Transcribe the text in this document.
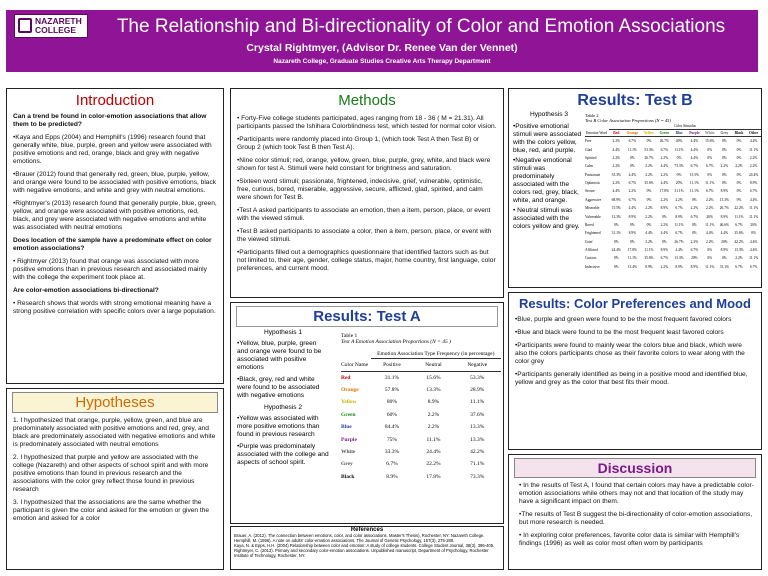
NAZARETH
COLLEGE	The Relationship and Bi-directionality of Color and Emotion Associations
Crystal Rightmyer, (Advisor Dr. Renee Van der Vennet)
Nazareth College, Graduate Studies Creative Arts Therapy Department
Introduction

Can a trend be found in color-emotion associations that allow them to be predicted?

•Kaya and Epps (2004) and Hemphill's (1996) research found that generally white, blue, purple, green and yellow were associated with positive emotions and red, orange, black and grey with negative emotions.

•Brauer (2012) found that generally red, green, blue, purple, yellow, and orange were found to be associated with positive emotions, black with negative emotions, and white and grey with neutral emotions.

•Rightmyer's (2013) research found that generally purple, blue, green, yellow, and orange were associated with positive emotions, red, black, and grey were associated with negative emotions and white was associated with neutral emotions

Does location of the sample have a predominate effect on color emotion associations?

• Rightmyer (2013) found that orange was associated with more positive emotions than in previous research and associated mainly with the college the experiment took place at.

Are color-emotion associations bi-directional?

• Research shows that words with strong emotional meaning have a strong positive correlation with specific colors over a large population.

Hypotheses

1. I hypothesized that orange, purple, yellow, green, and blue are predominately associated with positive emotions and red, grey, and black are predominately associated with negative emotions and white is predominately associated with neutral emotions

2. I hypothesized that purple and yellow are associated with the college (Nazareth) and other aspects of school spirit and with more positive emotions than found in previous research and the associations with the color grey reflect those found in previous research

3. I hypothesized that the associations are the same whether the participant is given the color and asked for the emotion or given the emotion and asked for a color

Methods

• Forty-Five college students participated, ages ranging from 18 - 36 ( M = 21.31). All participants passed the Ishihara Colorblindness test, which tested for normal color vision.

•Participants were randomly placed into Group 1, (which took Test A then Test B) or Group 2 (which took Test B then Test A).

•Nine color stimuli; red, orange, yellow, green, blue, purple, grey, white, and black were shown for test A. Stimuli were held constant for brightness and saturation.

•Sixteen word stimuli; passionate, frightened, indecisive, grief, vulnerable, optimistic, free, curious, bored, miserable, aggressive, secure, afflicted, glad, spirited, and calm were shown for Test B.

•Test A asked participants to associate an emotion, then a item, person, place, or event with the viewed stimuli.

•Test B asked participants to associate a color, then a item, person, place, or event with the viewed stimuli.

•Participants filled out a demographics questionnaire that identified factors such as but not limited to, their age, gender, college status, major, home country, first language, color preferences, and current mood.

Results: Test A
Hypothesis 1
•Yellow, blue, purple, green and orange were found to be associated with positive emotions
•Black, grey, red and white were found to be associated with negative emotions
Hypothesis 2
•Yellow was associated with more positive emotions than found in previous research
•Purple was predominately associated with the college and aspects of school spirit.
Table 1
Test A Emotion Association Proportions (N = 45 )
	Emotion Association Type Frequency (in percentage)		
Color Name	Positive	Neutral	Negative
Red	31.1%	15.6%	53.3%
Orange	57.8%	13.3%	28.9%
Yellow	80%	8.9%	11.1%
Green	60%	2.2%	37.6%
Blue	84.4%	2.2%	13.3%
Purple	75%	11.1%	13.3%
White	33.3%	24.4%	42.2%
Grey	6.7%	22.2%	71.1%
Black	8.9%	17.8%	73.3%
References
Brauer, A. (2012). The connection between emotions, color, and color associations. Master's Thesis), Rochester, NY: Nazareth College.
Hemphill, M. (1996). A note on adults' color-emotion associations. The Journal of Genetic Psychology, 157(3), 275-280.
Kaya, N. & Epps, H.H. (2004) Relationship between color and emotion: A study of college students. College Student Journal, 38(3), 396-405.
Rightmyer, C. (2013). Primary and secondary color-emotion associations. Unpublished manuscript, Department of Psychology, Rochester Institute of Technology, Rochester, NY.
Results: Test B
Hypothesis 3
•Positive emotional stimuli were associated with the colors yellow, blue, red, and purple.
•Negative emotional stimuli was predominately associated with the colors red, grey, black, white, and orange.
• Neutral stimuli was associated with the colors yellow and grey.
Table 2
Test B Color Association Proportions (N = 45)
	Color Stimulus									
Emotion Word	Red	Orange	Yellow	Green	Blue	Purple	White	Grey	Black	Other
Free	2.2%	6.7%	0%	26.7%	40%	4.4%	15.6%	0%	0%	4.4%
Glad	4.4%	11.1%	53.3%	6.7%	11.1%	4.4%	0%	0%	0%	11.1%
Spirited	2.2%	0%	26.7%	2.2%	0%	4.4%	0%	0%	0%	2.2%
Calm	2.2%	0%	2.2%	4.4%	73.3%	6.7%	6.7%	2.2%	2.2%	2.2%
Passionate	53.3%	4.4%	2.2%	2.2%	0%	15.5%	0%	0%	0%	24.4%
Optimistic	2.2%	6.7%	35.6%	4.4%	20%	11.1%	11.1%	0%	0%	8.9%
Secure	4.4%	2.2%	0%	17.8%	31.1%	11.1%	6.7%	8.9%	0%	6.7%
Aggressive	68.9%	6.7%	0%	2.2%	2.2%	0%	2.2%	13.3%	0%	4.4%
Miserable	15.5%	4.4%	2.2%	8.9%	6.7%	2.2%	2.2%	26.7%	22.2%	11.1%
Vulnerable	13.3%	8.9%	2.2%	0%	8.9%	6.7%	20%	8.9%	11.1%	11.1%
Bored	0%	0%	0%	2.2%	11.1%	0%	11.1%	46.6%	6.7%	20%
Frightened	31.1%	8.9%	4.4%	4.4%	6.7%	0%	4.4%	4.4%	35.6%	0%
Grief	0%	0%	2.2%	0%	26.7%	2.2%	2.2%	20%	42.2%	4.4%
Afflicted	24.4%	17.8%	11.1%	8.9%	4.4%	6.7%	0%	8.9%	13.3%	4.4%
Curious	0%	11.1%	35.6%	6.7%	13.3%	20%	0%	0%	2.2%	11.1%
Indecisive	0%	13.4%	8.9%	2.2%	8.9%	8.9%	11.1%	31.1%	6.7%	6.7%
Results: Color Preferences and Mood

•Blue, purple and green were found to be the most frequent favored colors

•Blue and black were found to be the most frequent least favored colors

•Participants were found to mainly wear the colors blue and black, which were also the colors participants chose as their favorite colors to wear along with the color grey

•Participants generally identified as being in a positive mood and identified blue, yellow and grey as the color that best fits their mood.

Discussion

• In the results of Test A, I found that certain colors may have a predictable color-emotion associations while others may not and that location of the study may have a significant impact on them.

•The results of Test B suggest the bi-directionality of color-emotion associations, but more research is needed.

• In exploring color preferences, favorite color data is similar with Hemphill's findings (1996) as well as color most often worn by participants
